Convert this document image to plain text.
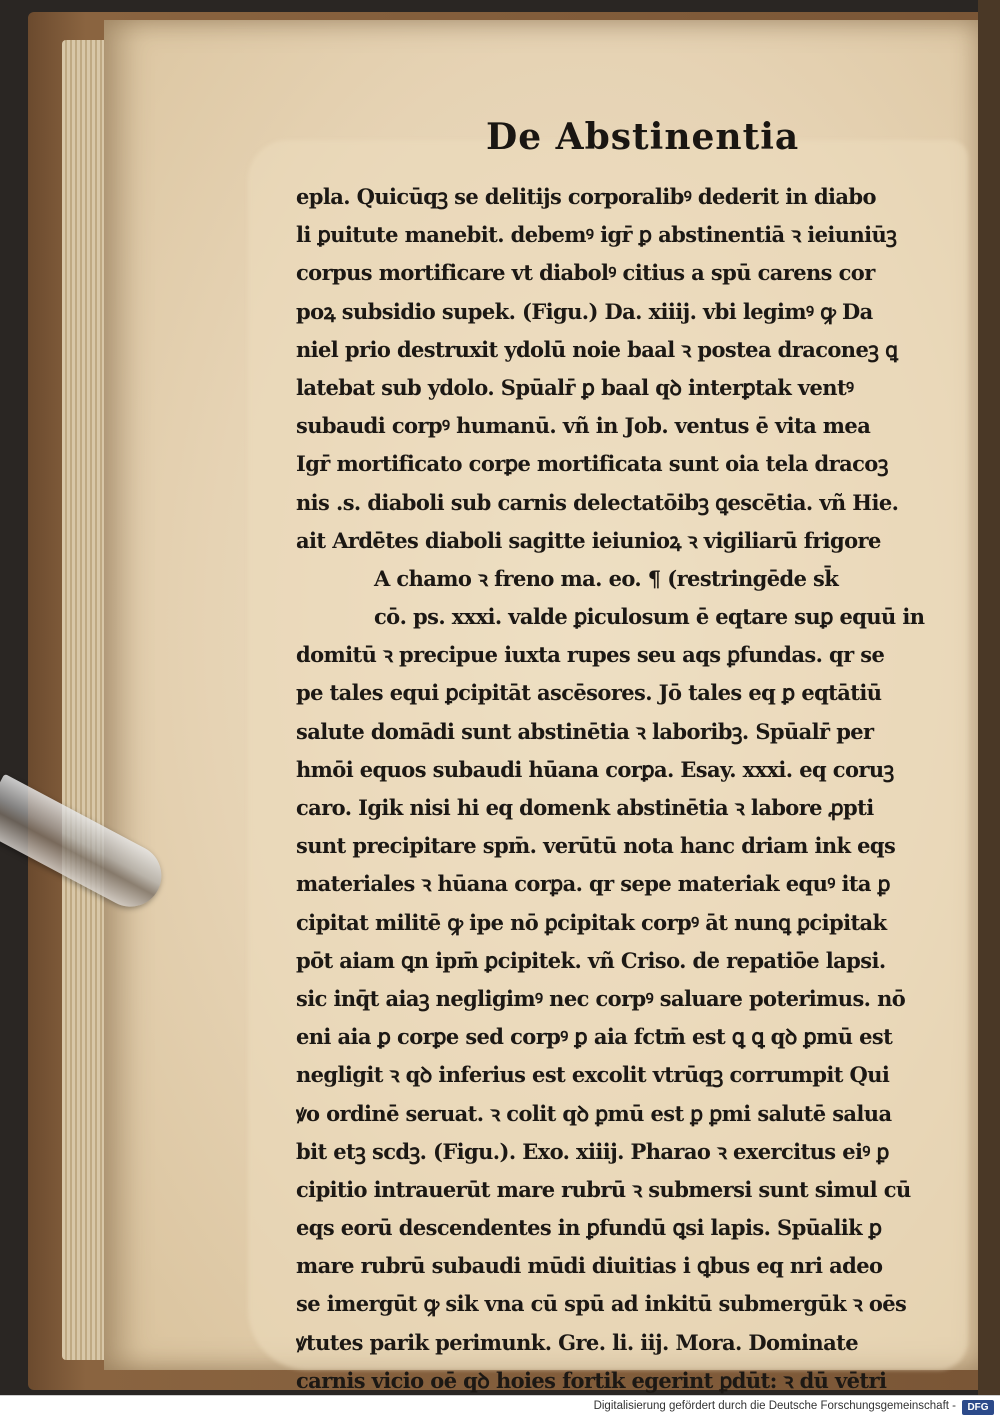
De Abstinentia
epla. Quicūqꝫ se delitijs corporalibꝰ dederit in diabo
li ꝑuitute manebit. debemꝰ igr̄ ꝑ abstinentiā ꝛ ieiuniūꝫ
corpus mortificare vt diabolꝰ citius a spū carens cor
poꝝ subsidio supek. (Figu.) Da. xiiij. vbi legimꝰ ꝙ Da
niel prio destruxit ydolū noie baal ꝛ postea draconeꝫ ꝗ
latebat sub ydolo. Spūalr̄ ꝑ baal qꝺ interꝑtak ventꝰ
subaudi corpꝰ humanū. vñ in Job. ventus ē vita mea
Igr̄ mortificato corꝑe mortificata sunt oia tela dracoꝫ
nis .s. diaboli sub carnis delectatōibꝫ ꝗescētia. vñ Hie.
ait Ardētes diaboli sagitte ieiunioꝝ ꝛ vigiliarū frigore
A chamo ꝛ freno ma. eo. ¶ (restringēde sk̄
cō. ps. xxxi. valde ꝑiculosum ē eqtare suꝑ equū in
domitū ꝛ precipue iuxta rupes seu aqs ꝑfundas. qr se
pe tales equi ꝑcipitāt ascēsores. Jō tales eq ꝑ eqtātiū
salute domādi sunt abstinētia ꝛ laboribꝫ. Spūalr̄ per
hmōi equos subaudi hūana corꝑa. Esay. xxxi. eq coruꝫ
caro. Igik nisi hi eq domenk abstinētia ꝛ labore ꝓpti
sunt precipitare spm̄. verūtū nota hanc driam ink eqs
materiales ꝛ hūana corꝑa. qr sepe materiak equꝰ ita ꝑ
cipitat militē ꝙ ipe nō ꝑcipitak corpꝰ āt nunꝗ ꝑcipitak
pōt aiam ꝗn ipm̄ ꝑcipitek. vñ Criso. de repatiōe lapsi.
sic inq̄t aiaꝫ negligimꝰ nec corpꝰ saluare poterimus. nō
eni aia ꝑ corꝑe sed corpꝰ ꝑ aia fctm̄ est ꝗ ꝗ qꝺ ꝑmū est
negligit ꝛ qꝺ inferius est excolit vtrūqꝫ corrumpit Qui
ꝟo ordinē seruat. ꝛ colit qꝺ ꝑmū est ꝑ ꝑmi salutē salua
bit etꝫ scdꝫ. (Figu.). Exo. xiiij. Pharao ꝛ exercitus eiꝰ ꝑ
cipitio intrauerūt mare rubrū ꝛ submersi sunt simul cū
eqs eorū descendentes in ꝑfundū ꝗsi lapis. Spūalik ꝑ
mare rubrū subaudi mūdi diuitias i ꝗbus eq nri adeo
se imergūt ꝙ sik vna cū spū ad inkitū submergūk ꝛ oēs
ꝟtutes parik perimunk. Gre. li. iij. Mora. Dominate
carnis vicio oē qꝺ hoies fortik egerint ꝑdūt: ꝛ dū vētri
Digitalisierung gefördert durch die Deutsche Forschungsgemeinschaft -	DFG
